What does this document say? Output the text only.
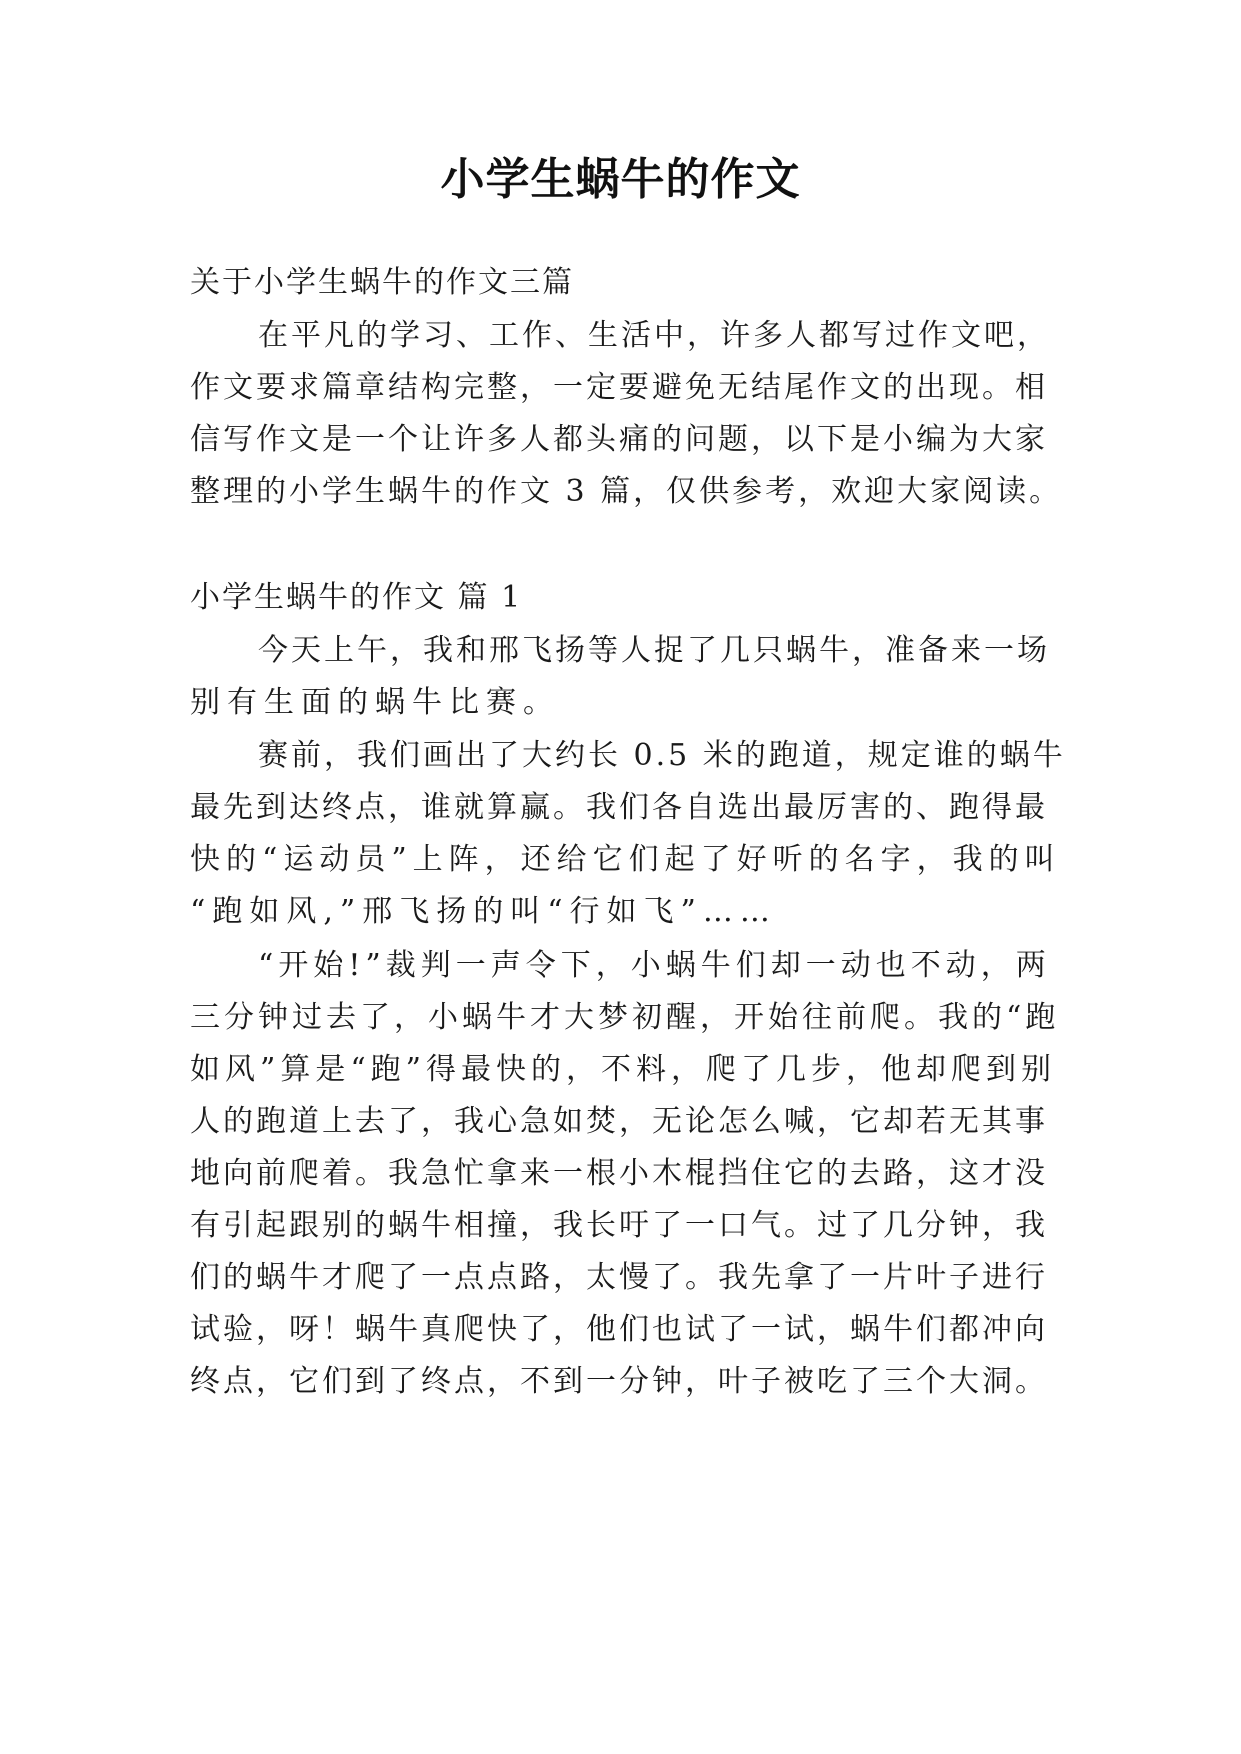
小学生蜗牛的作文
关于小学生蜗牛的作文三篇
在平凡的学习、工作、生活中，许多人都写过作文吧，
作文要求篇章结构完整，一定要避免无结尾作文的出现。相
信写作文是一个让许多人都头痛的问题，以下是小编为大家
整理的小学生蜗牛的作文 3 篇，仅供参考，欢迎大家阅读。
小学生蜗牛的作文 篇 1
今天上午，我和邢飞扬等人捉了几只蜗牛，准备来一场
别有生面的蜗牛比赛。
赛前，我们画出了大约长 0.5 米的跑道，规定谁的蜗牛
最先到达终点，谁就算赢。我们各自选出最厉害的、跑得最
快的“运动员”上阵，还给它们起了好听的名字，我的叫
“跑如风,”邢飞扬的叫“行如飞”……
“开始!”裁判一声令下，小蜗牛们却一动也不动，两
三分钟过去了，小蜗牛才大梦初醒，开始往前爬。我的“跑
如风”算是“跑”得最快的，不料，爬了几步，他却爬到别
人的跑道上去了，我心急如焚，无论怎么喊，它却若无其事
地向前爬着。我急忙拿来一根小木棍挡住它的去路，这才没
有引起跟别的蜗牛相撞，我长吁了一口气。过了几分钟，我
们的蜗牛才爬了一点点路，太慢了。我先拿了一片叶子进行
试验，呀！蜗牛真爬快了，他们也试了一试，蜗牛们都冲向
终点，它们到了终点，不到一分钟，叶子被吃了三个大洞。
